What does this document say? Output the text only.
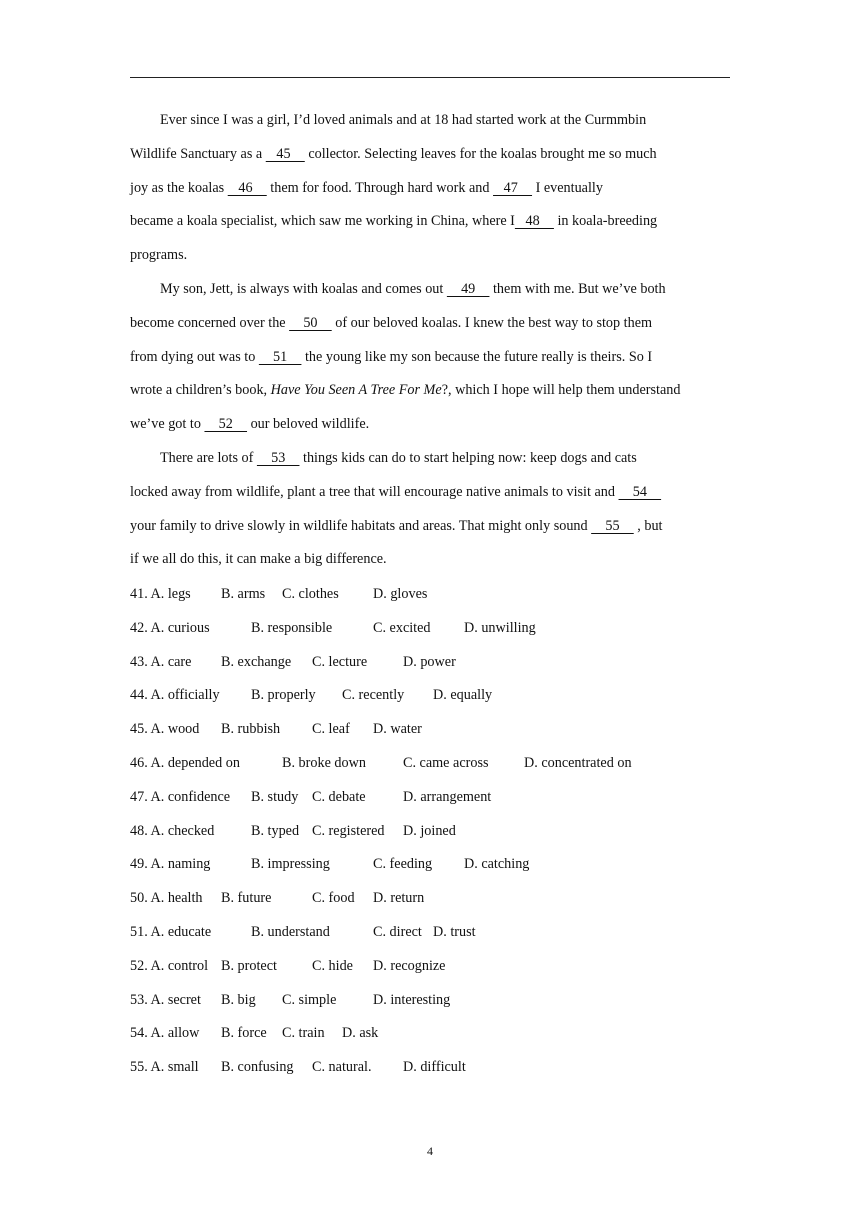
Ever since I was a girl, I’d loved animals and at 18 had started work at the Curmmbin
Wildlife Sanctuary as a    45     collector. Selecting leaves for the koalas brought me so much
joy as the koalas    46     them for food. Through hard work and    47     I eventually
became a koala specialist, which saw me working in China, where I   48     in koala-breeding
programs.
My son, Jett, is always with koalas and comes out     49     them with me. But we’ve both
become concerned over the     50     of our beloved koalas. I knew the best way to stop them
from dying out was to     51     the young like my son because the future really is theirs. So I
wrote a children’s book, Have You Seen A Tree For Me?, which I hope will help them understand
we’ve got to     52     our beloved wildlife.
There are lots of     53     things kids can do to start helping now: keep dogs and cats
locked away from wildlife, plant a tree that will encourage native animals to visit and     54
your family to drive slowly in wildlife habitats and areas. That might only sound     55     , but
if we all do this, it can make a big difference.
41. A. legs B. arms C. clothes D. gloves
42. A. curious	B. responsible	C. excited D. unwilling
43. A. care B. exchange C. lecture	D. power
44. A. officially B. properly C. recently D. equally
45. A. wood B. rubbish C. leaf D. water
46. A. depended on	B. broke down	C. came across	D. concentrated on
47. A. confidence B. study C. debate	D. arrangement
48. A. checked	B. typed C. registered D. joined
49. A. naming	B. impressing	C. feeding D. catching
50. A. health B. future	C. food D. return
51. A. educate	B. understand	C. direct D. trust
52. A. control B. protect C. hide D. recognize
53. A. secret B. big C. simple	D. interesting
54. A. allow B. force C. train D. ask
55. A. small B. confusing C. natural. D. difficult
4
